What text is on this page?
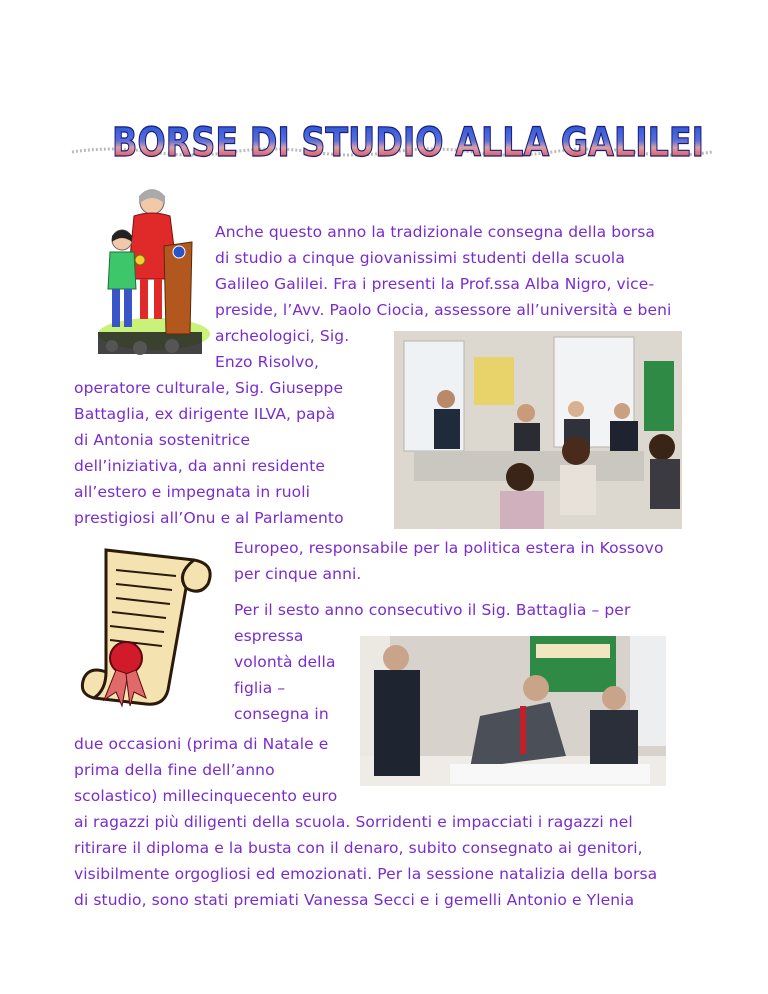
BORSE DI STUDIO ALLA GALILEI
Anche questo anno la tradizionale consegna della borsa
di studio a cinque giovanissimi studenti della scuola
Galileo Galilei. Fra i presenti la Prof.ssa Alba Nigro, vice-
preside, l’Avv. Paolo Ciocia, assessore all’università e beni
archeologici, Sig.
Enzo Risolvo,
operatore culturale, Sig. Giuseppe
Battaglia, ex dirigente ILVA, papà
di Antonia sostenitrice
dell’iniziativa, da anni residente
all’estero e impegnata in ruoli
prestigiosi all’Onu e al Parlamento
Europeo, responsabile per la politica estera in Kossovo
per cinque anni.
Per il sesto anno consecutivo il Sig. Battaglia – per
espressa
volontà della
figlia –
consegna in
due occasioni (prima di Natale e
prima della fine dell’anno
scolastico) millecinquecento euro
ai ragazzi più diligenti della scuola. Sorridenti e impacciati i ragazzi nel
ritirare il diploma e la busta con il denaro, subito consegnato ai genitori,
visibilmente orgogliosi ed emozionati. Per la sessione natalizia della borsa
di studio, sono stati premiati Vanessa Secci e i gemelli Antonio e Ylenia
